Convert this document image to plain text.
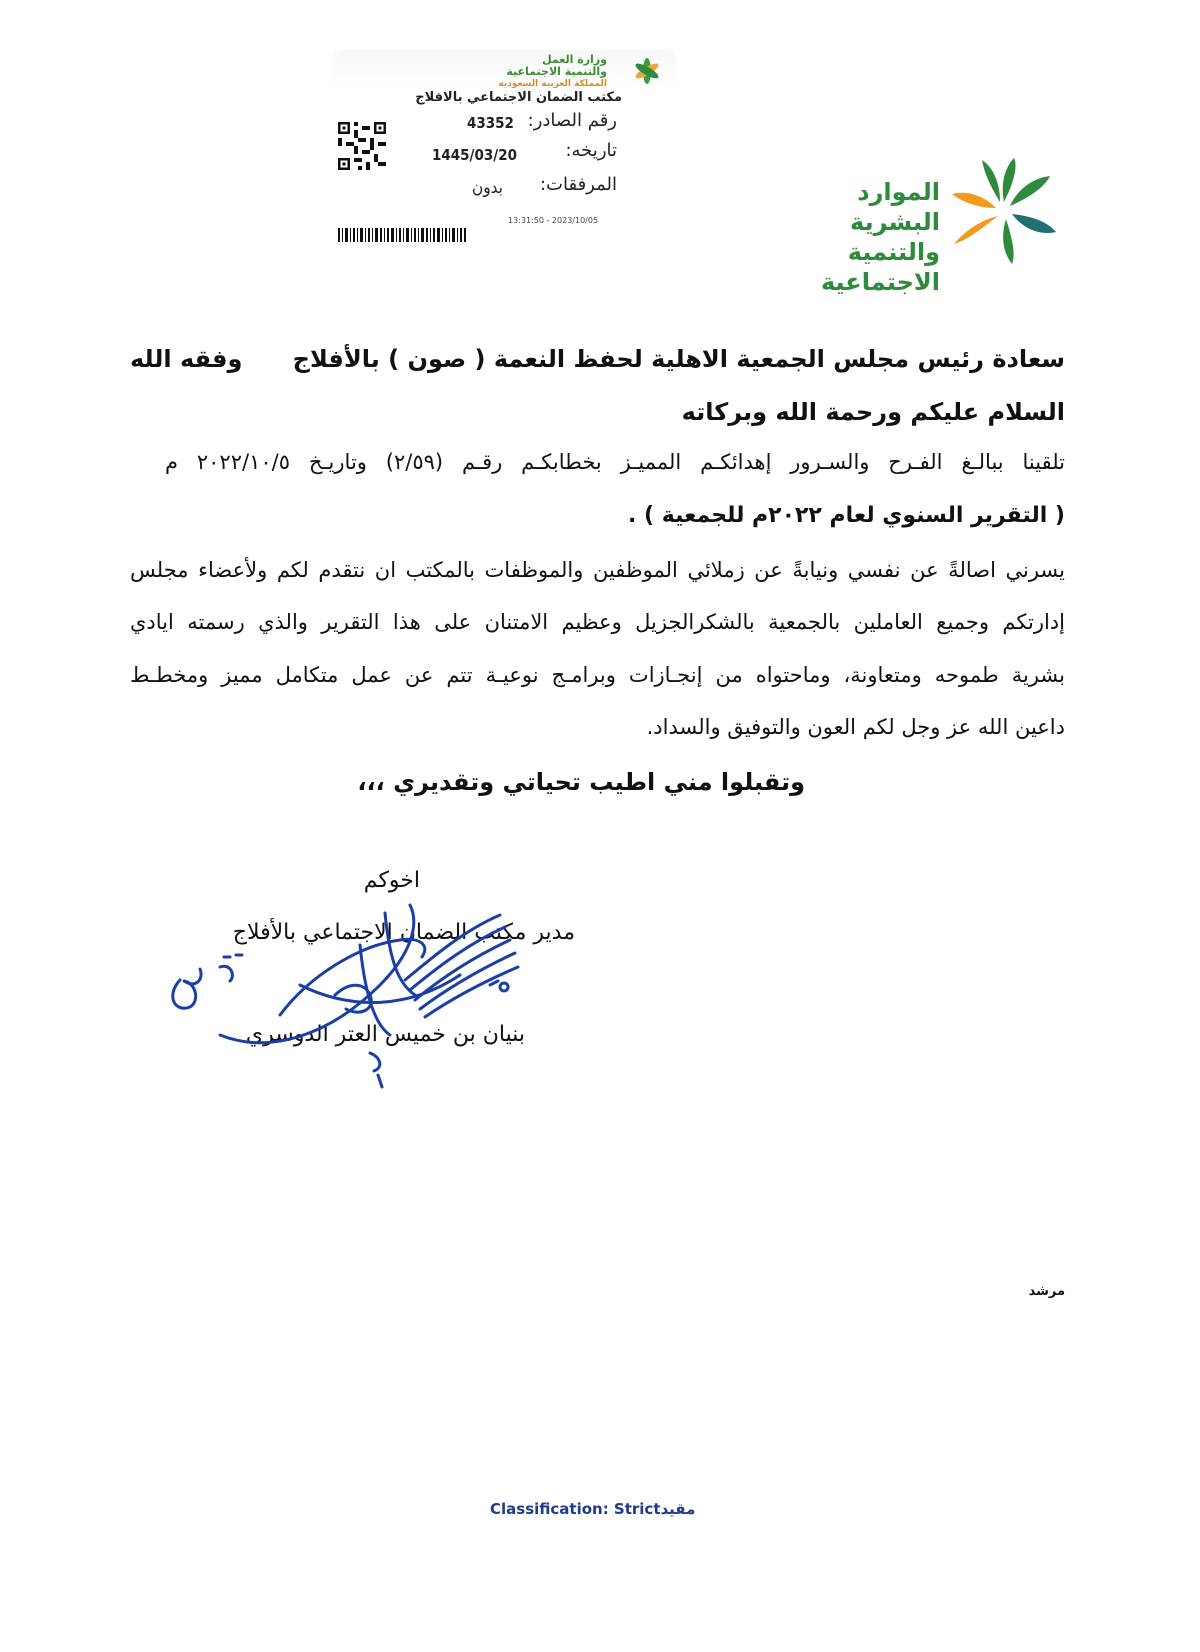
وزارة العمل
والتنمية الاجتماعية
المملكة العربية السعودية
مكتب الضمان الاجتماعي بالافلاج
رقم الصادر:
43352
تاريخه:
1445/03/20
المرفقات:
بدون
2023/10/05 - 13:31:50
الموارد البشرية
والتنمية الاجتماعية
سعادة رئيس مجلس الجمعية الاهلية لحفظ النعمة ( صون ) بالأفلاج
وفقه الله
السلام عليكم ورحمة الله وبركاته
تلقينا ببالـغ الفـرح والسـرور إهدائكـم المميـز بخطابكـم رقـم (٢/٥٩) وتاريـخ ٢٠٢٢/١٠/٥ م
( التقرير السنوي لعام ٢٠٢٢م للجمعية ) .
يسرني اصالةً عن نفسي ونيابةً عن زملائي الموظفين والموظفات بالمكتب ان نتقدم لكم ولأعضاء مجلس
إدارتكم وجميع العاملين بالجمعية بالشكرالجزيل وعظيم الامتنان على هذا التقرير والذي رسمته ايادي
بشرية طموحه ومتعاونة، وماحتواه من إنجـازات وبرامـج نوعيـة تتم عن عمل متكامل مميز ومخطـط
داعين الله عز وجل لكم العون والتوفيق والسداد.
وتقبلوا مني اطيب تحياتي وتقديري ،،،
اخوكم
مدير مكتب الضمان الاجتماعي بالأفلاج
بنيان بن خميس العتر الدوسري
مرشد
مقيدClassification: Strict
